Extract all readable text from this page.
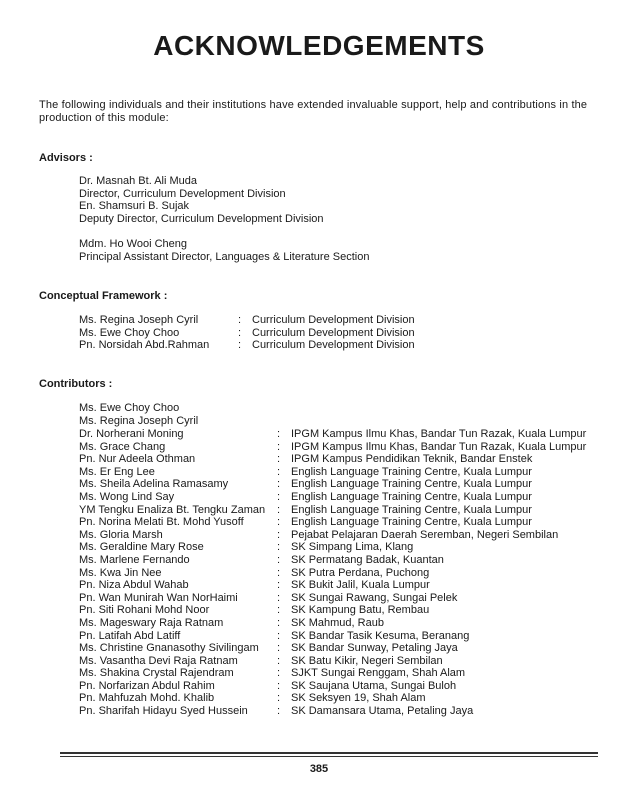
ACKNOWLEDGEMENTS
The following individuals and their institutions have extended invaluable support, help and contributions in the production of this module:
Advisors :
Dr. Masnah Bt. Ali Muda
Director, Curriculum Development Division
En. Shamsuri B. Sujak
Deputy Director, Curriculum Development Division
Mdm. Ho Wooi Cheng
Principal Assistant Director, Languages & Literature Section
Conceptual Framework :
Ms. Regina Joseph Cyril	: Curriculum Development Division
Ms. Ewe Choy Choo	: Curriculum Development Division
Pn. Norsidah Abd.Rahman	: Curriculum Development Division
Contributors :
Ms. Ewe Choy Choo
Ms. Regina Joseph Cyril
Dr. Norherani Moning	: IPGM Kampus Ilmu Khas, Bandar Tun Razak, Kuala Lumpur
Ms. Grace Chang	: IPGM Kampus Ilmu Khas, Bandar Tun Razak, Kuala Lumpur
Pn. Nur Adeela Othman	: IPGM Kampus Pendidikan Teknik, Bandar Enstek
Ms. Er Eng Lee	: English Language Training Centre, Kuala Lumpur
Ms. Sheila Adelina Ramasamy	: English Language Training Centre, Kuala Lumpur
Ms. Wong Lind Say	: English Language Training Centre, Kuala Lumpur
YM Tengku Enaliza Bt. Tengku Zaman	: English Language Training Centre, Kuala Lumpur
Pn. Norina Melati Bt. Mohd Yusoff	: English Language Training Centre, Kuala Lumpur
Ms. Gloria Marsh	: Pejabat Pelajaran Daerah Seremban, Negeri Sembilan
Ms. Geraldine Mary Rose	: SK Simpang Lima, Klang
Ms. Marlene Fernando	: SK Permatang Badak, Kuantan
Ms. Kwa Jin Nee	: SK Putra Perdana, Puchong
Pn. Niza Abdul Wahab	: SK Bukit Jalil, Kuala Lumpur
Pn. Wan Munirah Wan NorHaimi	: SK Sungai Rawang, Sungai Pelek
Pn. Siti Rohani Mohd Noor	: SK Kampung Batu, Rembau
Ms. Mageswary Raja Ratnam	: SK Mahmud, Raub
Pn. Latifah Abd Latiff	: SK Bandar Tasik Kesuma, Beranang
Ms. Christine Gnanasothy Sivilingam	: SK Bandar Sunway, Petaling Jaya
Ms. Vasantha Devi Raja Ratnam	: SK Batu Kikir, Negeri Sembilan
Ms. Shakina Crystal Rajendram	: SJKT Sungai Renggam, Shah Alam
Pn. Norfarizan Abdul Rahim	: SK Saujana Utama, Sungai Buloh
Pn. Mahfuzah Mohd. Khalib	: SK Seksyen 19, Shah Alam
Pn. Sharifah Hidayu Syed Hussein	: SK Damansara Utama, Petaling Jaya
385
